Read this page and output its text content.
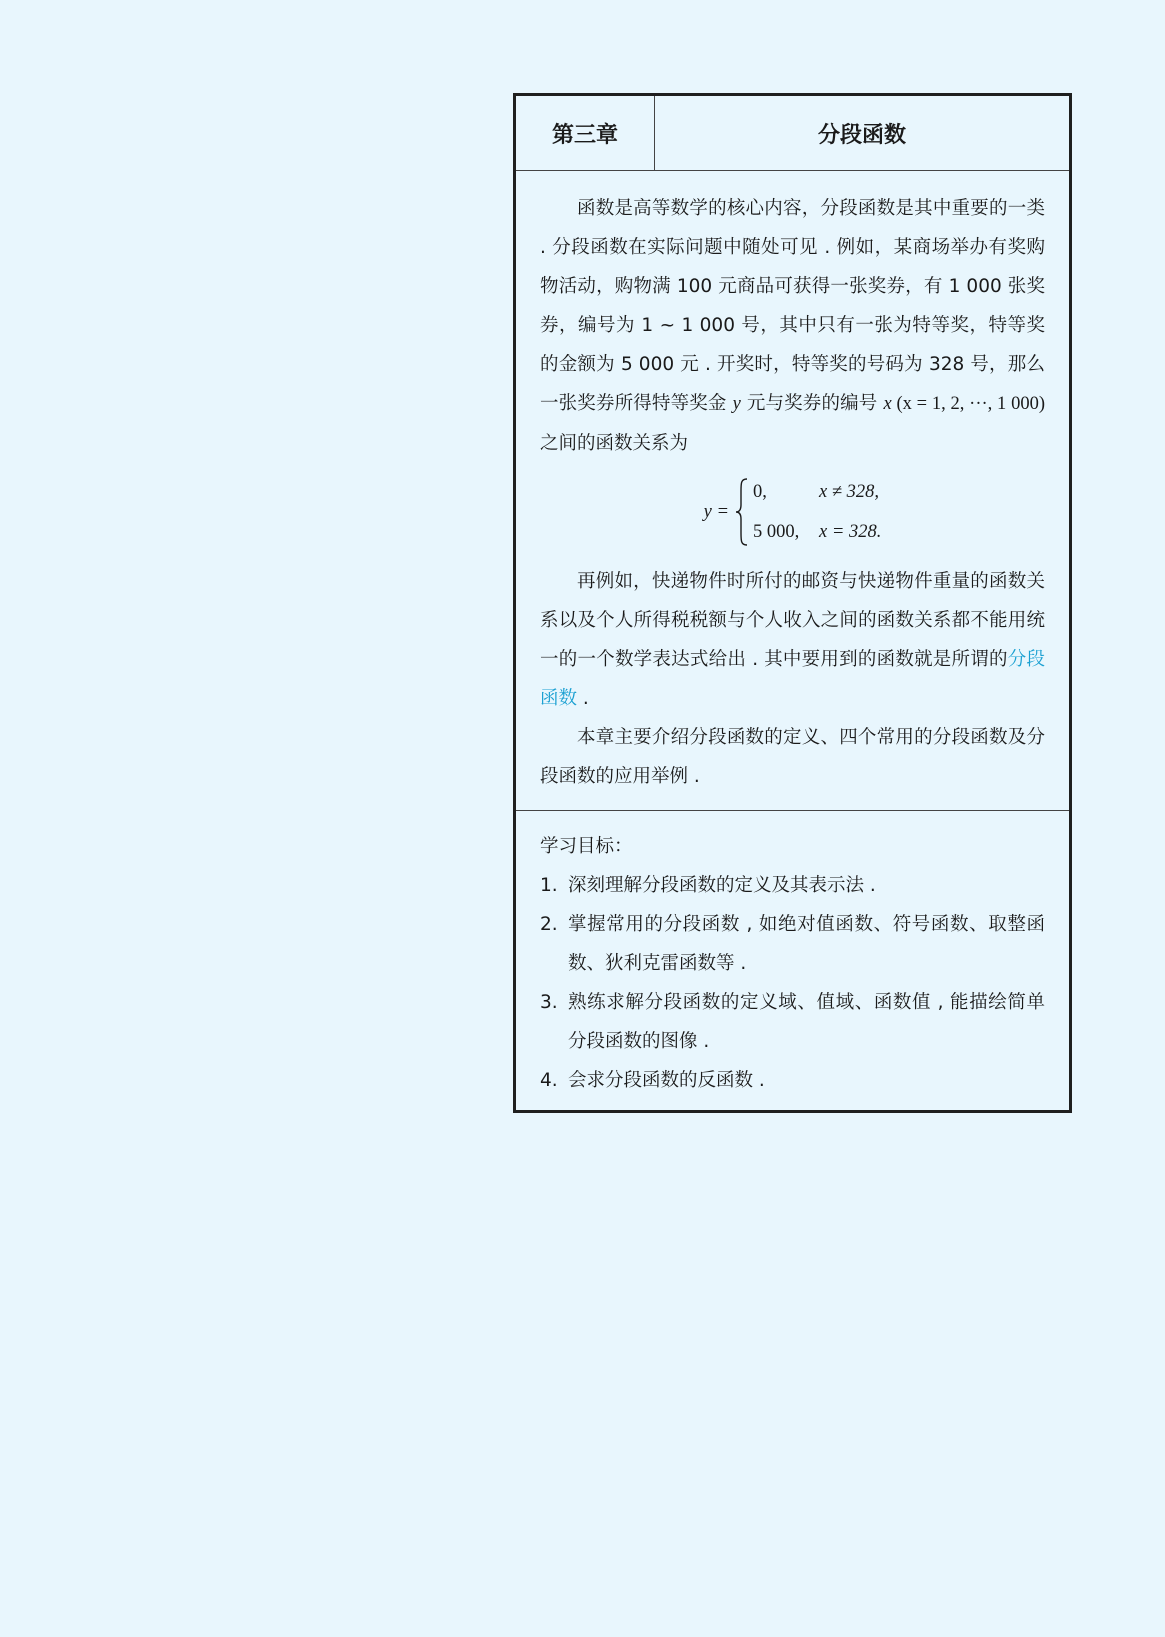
第三章	分段函数

函数是高等数学的核心内容，分段函数是其中重要的一类 . 分段函数在实际问题中随处可见 . 例如，某商场举办有奖购物活动，购物满 100 元商品可获得一张奖券，有 1 000 张奖券，编号为 1 ~ 1 000 号，其中只有一张为特等奖，特等奖的金额为 5 000 元 . 开奖时，特等奖的号码为 328 号，那么一张奖券所得特等奖金 y 元与奖券的编号 x (x = 1, 2, ···, 1 000) 之间的函数关系为

y =
0,	x ≠ 328,
5 000,	x = 328.

再例如，快递物件时所付的邮资与快递物件重量的函数关系以及个人所得税税额与个人收入之间的函数关系都不能用统一的一个数学表达式给出 . 其中要用到的函数就是所谓的分段函数 .

本章主要介绍分段函数的定义、四个常用的分段函数及分段函数的应用举例 .

学习目标：

1. 深刻理解分段函数的定义及其表示法 .
2. 掌握常用的分段函数 , 如绝对值函数、符号函数、取整函数、狄利克雷函数等 .
3. 熟练求解分段函数的定义域、值域、函数值 , 能描绘简单分段函数的图像 .
4. 会求分段函数的反函数 .
